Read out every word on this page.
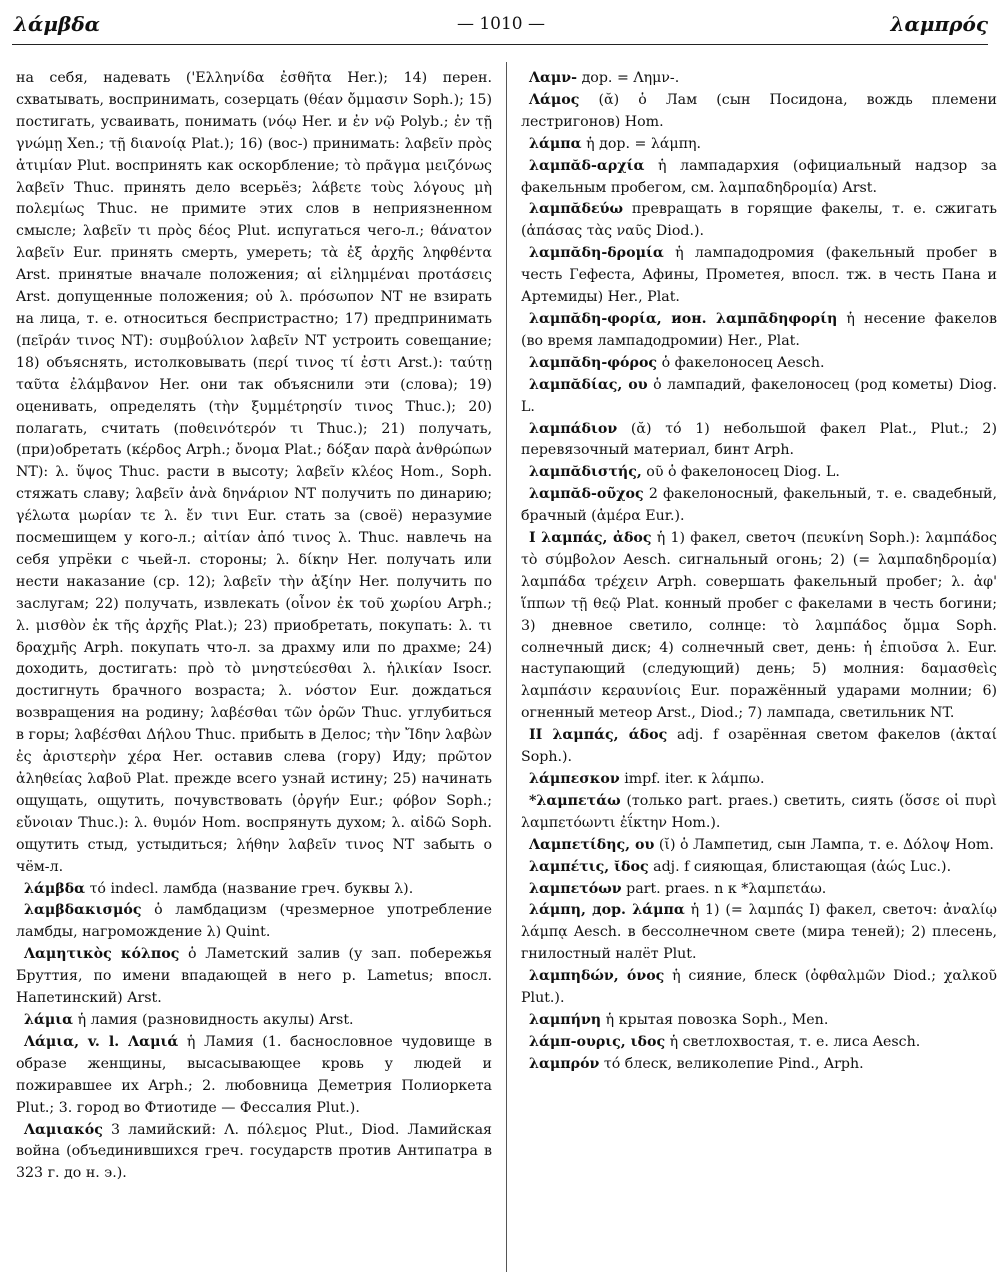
λάμβδα	— 1010 —	λαμπρός

на себя, надевать ('Ελληνίδα ἐσθῆτα Her.); 14) перен. схватывать, воспринимать, созерцать (θέαν ὄμμασιν Soph.); 15) постигать, усваивать, понимать (νόῳ Her. и ἐν νῷ Polyb.; ἐν τῇ γνώμῃ Xen.; τῇ διανοίᾳ Plat.); 16) (вос-) принимать: λαβεῖν πρὸς ἀτιμίαν Plut. воспринять как оскорбление; τὸ πρᾶγμα μειζόνως λαβεῖν Thuc. принять дело всерьёз; λάβετε τοὺς λόγους μὴ πολεμίως Thuc. не примите этих слов в неприязненном смысле; λαβεῖν τι πρὸς δέος Plut. испугаться чего-л.; θάνατον λαβεῖν Eur. принять смерть, умереть; τὰ ἐξ ἀρχῆς ληφθέντα Arst. принятые вначале положения; αἱ εἰλημμέναι προτάσεις Arst. допущенные положения; οὐ λ. πρόσωπον NT не взирать на лица, т. е. относиться беспристрастно; 17) предпринимать (πεῖράν τινος NT): συμβούλιον λαβεῖν NT устроить совещание; 18) объяснять, истолковывать (περί τινος τί ἐστι Arst.): ταύτῃ ταῦτα ἐλάμβανον Her. они так объяснили эти (слова); 19) оценивать, определять (τὴν ξυμμέτρησίν τινος Thuc.); 20) полагать, считать (ποθεινότερόν τι Thuc.); 21) получать, (при)обретать (κέρδος Arph.; ὄνομα Plat.; δόξαν παρὰ ἀνθρώπων NT): λ. ὕψος Thuc. расти в высоту; λαβεῖν κλέος Hom., Soph. стяжать славу; λαβεῖν ἀνὰ δηνάριον NT получить по динарию; γέλωτα μωρίαν τε λ. ἔν τινι Eur. стать за (своё) неразумие посмешищем у кого-л.; αἰτίαν ἀπό τινος λ. Thuc. навлечь на себя упрёки с чьей-л. стороны; λ. δίκην Her. получать или нести наказание (ср. 12); λαβεῖν τὴν ἀξίην Her. получить по заслугам; 22) получать, извлекать (οἶνον ἐκ τοῦ χωρίου Arph.; λ. μισθὸν ἐκ τῆς ἀρχῆς Plat.); 23) приобретать, покупать: λ. τι δραχμῆς Arph. покупать что-л. за драхму или по драхме; 24) доходить, достигать: πρὸ τὸ μνηστεύεσθαι λ. ἡλικίαν Isocr. достигнуть брачного возраста; λ. νόστον Eur. дождаться возвращения на родину; λαβέσθαι τῶν ὀρῶν Thuc. углубиться в горы; λαβέσθαι Δήλου Thuc. прибыть в Делос; τὴν Ἴδην λαβὼν ἐς ἀριστερὴν χέρα Her. оставив слева (гору) Иду; πρῶτον ἀληθείας λαβοῦ Plat. прежде всего узнай истину; 25) начинать ощущать, ощутить, почувствовать (ὀργήν Eur.; φόβον Soph.; εὔνοιαν Thuc.): λ. θυμόν Hom. воспрянуть духом; λ. αἰδῶ Soph. ощутить стыд, устыдиться; λήθην λαβεῖν τινος NT забыть о чём-л.

λάμβδα τό indecl. ламбда (название греч. буквы λ).

λαμβδακισμός ὁ ламбдацизм (чрезмерное употребление ламбды, нагромождение λ) Quint.

Λαμητικὸς κόλπος ὁ Ламетский залив (у зап. побережья Бруттия, по имени впадающей в него р. Lametus; впосл. Напетинский) Arst.

λάμια ἡ ламия (разновидность акулы) Arst.

Λάμια, v. l. Λαμιά ἡ Ламия (1. баснословное чудовище в образе женщины, высасывающее кровь у людей и пожиравшее их Arph.; 2. любовница Деметрия Полиоркета Plut.; 3. город во Фтиотиде — Фессалия Plut.).

Λαμιακός 3 ламийский: Λ. πόλεμος Plut., Diod. Ламийская война (объединившихся греч. государств против Антипатра в 323 г. до н. э.).

Λαμν- дор. = Λημν-.

Λάμος (ᾰ) ὁ Лам (сын Посидона, вождь племени лестригонов) Hom.

λάμπα ἡ дор. = λάμπη.

λαμπᾰδ-αρχία ἡ лампадархия (официальный надзор за факельным пробегом, см. λαμπαδηδρομία) Arst.

λαμπᾰδεύω превращать в горящие факелы, т. е. сжигать (ἁπάσας τὰς ναῦς Diod.).

λαμπᾰδη-δρομία ἡ лампадодромия (факельный пробег в честь Гефеста, Афины, Прометея, впосл. тж. в честь Пана и Артемиды) Her., Plat.

λαμπᾰδη-φορία, ион. λαμπᾱδηφορίη ἡ несение факелов (во время лампадодромии) Her., Plat.

λαμπᾰδη-φόρος ὁ факелоносец Aesch.

λαμπᾰδίας, ου ὁ лампадий, факелоносец (род кометы) Diog. L.

λαμπάδιον (ᾰ) τό 1) небольшой факел Plat., Plut.; 2) перевязочный материал, бинт Arph.

λαμπᾰδιστής, οῦ ὁ факелоносец Diog. L.

λαμπᾰδ-οῦχος 2 факелоносный, факельный, т. е. свадебный, брачный (ἁμέρα Eur.).

I λαμπάς, ἀδος ἡ 1) факел, светоч (πευκίνη Soph.): λαμπάδος τὸ σύμβολον Aesch. сигнальный огонь; 2) (= λαμπαδηδρομία) λαμπάδα τρέχειν Arph. совершать факельный пробег; λ. ἀφ' ἵππων τῇ θεῷ Plat. конный пробег с факелами в честь богини; 3) дневное светило, солнце: τὸ λαμπάδος ὄμμα Soph. солнечный диск; 4) солнечный свет, день: ἡ ἐπιοῦσα λ. Eur. наступающий (следующий) день; 5) молния: δαμασθεὶς λαμπάσιν κεραυνίοις Eur. поражённый ударами молнии; 6) огненный метеор Arst., Diod.; 7) лампада, светильник NT.

II λαμπάς, άδος adj. f озарённая светом факелов (ἀκταί Soph.).

λάμπεσκον impf. iter. к λάμπω.

*λαμπετάω (только part. praes.) светить, сиять (ὅσσε οἱ πυρὶ λαμπετόωντι ἐΐκτην Hom.).

Λαμπετίδης, ου (ῐ) ὁ Лампетид, сын Лампа, т. е. Δόλοψ Hom.

λαμπέτις, ῐδος adj. f сияющая, блистающая (ἀώς Luc.).

λαμπετόων part. praes. n к *λαμπετάω.

λάμπη, дор. λάμπα ἡ 1) (= λαμπάς I) факел, светоч: ἀναλίῳ λάμπᾳ Aesch. в бессолнечном свете (мира теней); 2) плесень, гнилостный налёт Plut.

λαμπηδών, όνος ἡ сияние, блеск (ὀφθαλμῶν Diod.; χαλκοῦ Plut.).

λαμπήνη ἡ крытая повозка Soph., Men.

λάμπ-ουρις, ιδος ἡ светлохвостая, т. е. лиса Aesch.

λαμπρόν τό блеск, великолепие Pind., Arph.
